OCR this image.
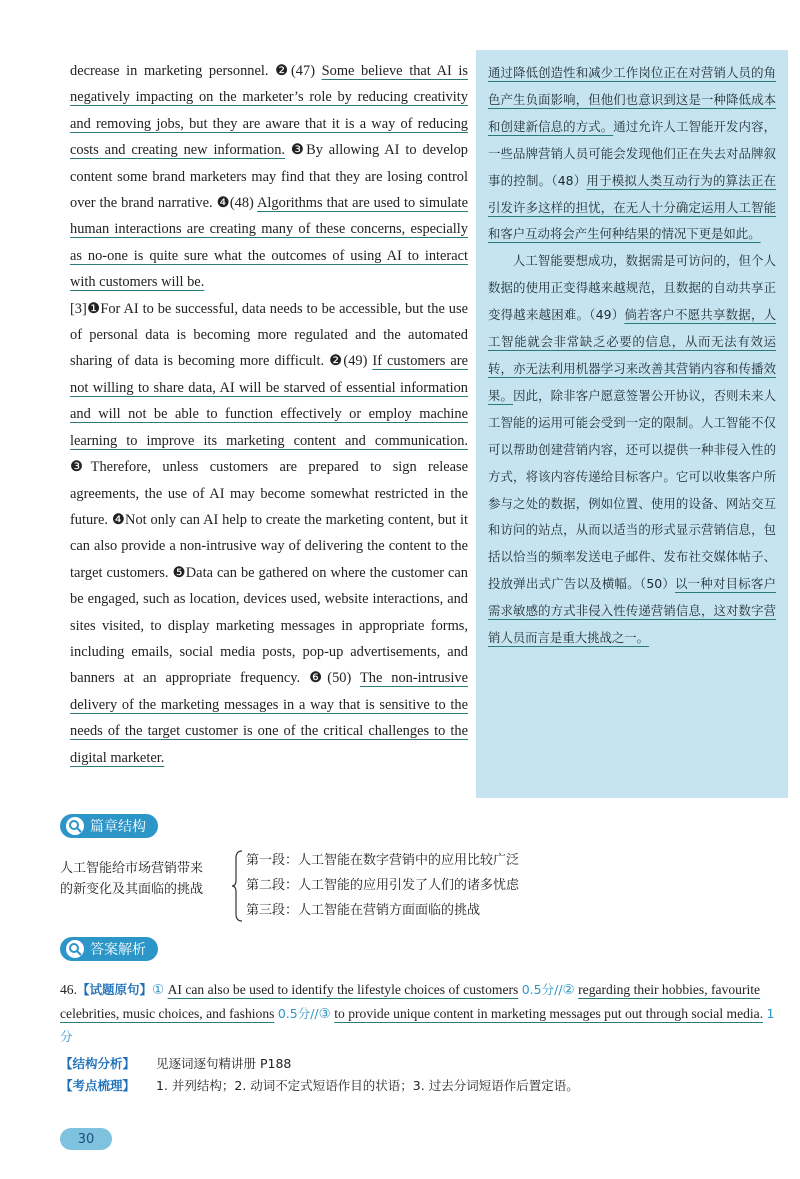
decrease in marketing personnel. ❷(47) Some believe that AI is negatively impacting on the marketer’s role by reducing creativity and removing jobs, but they are aware that it is a way of reducing costs and creating new information. ❸By allowing AI to develop content some brand marketers may find that they are losing control over the brand narrative. ❹(48) Algorithms that are used to simulate human interactions are creating many of these concerns, especially as no-one is quite sure what the outcomes of using AI to interact with customers will be.

[3]❶For AI to be successful, data needs to be accessible, but the use of personal data is becoming more regulated and the automated sharing of data is becoming more difficult. ❷(49) If customers are not willing to share data, AI will be starved of essential information and will not be able to function effectively or employ machine learning to improve its marketing content and communication. ❸Therefore, unless customers are prepared to sign release agreements, the use of AI may become somewhat restricted in the future. ❹Not only can AI help to create the marketing content, but it can also provide a non-intrusive way of delivering the content to the target customers. ❺Data can be gathered on where the customer can be engaged, such as location, devices used, website interactions, and sites visited, to display marketing messages in appropriate forms, including emails, social media posts, pop-up advertisements, and banners at an appropriate frequency. ❻(50) The non-intrusive delivery of the marketing messages in a way that is sensitive to the needs of the target customer is one of the critical challenges to the digital marketer.

通过降低创造性和减少工作岗位正在对营销人员的角色产生负面影响，但他们也意识到这是一种降低成本和创建新信息的方式。通过允许人工智能开发内容，一些品牌营销人员可能会发现他们正在失去对品牌叙事的控制。（48）用于模拟人类互动行为的算法正在引发许多这样的担忧，在无人十分确定运用人工智能和客户互动将会产生何种结果的情况下更是如此。

人工智能要想成功，数据需是可访问的，但个人数据的使用正变得越来越规范，且数据的自动共享正变得越来越困难。（49）倘若客户不愿共享数据，人工智能就会非常缺乏必要的信息，从而无法有效运转，亦无法利用机器学习来改善其营销内容和传播效果。因此，除非客户愿意签署公开协议，否则未来人工智能的运用可能会受到一定的限制。人工智能不仅可以帮助创建营销内容，还可以提供一种非侵入性的方式，将该内容传递给目标客户。它可以收集客户所参与之处的数据，例如位置、使用的设备、网站交互和访问的站点，从而以适当的形式显示营销信息，包括以恰当的频率发送电子邮件、发布社交媒体帖子、投放弹出式广告以及横幅。（50）以一种对目标客户需求敏感的方式非侵入性传递营销信息，这对数字营销人员而言是重大挑战之一。

篇章结构
人工智能给市场营销带来
的新变化及其面临的挑战
第一段：人工智能在数字营销中的应用比较广泛
第二段：人工智能的应用引发了人们的诸多忧虑
第三段：人工智能在营销方面面临的挑战
答案解析
46.【试题原句】① AI can also be used to identify the lifestyle choices of customers 0.5分//② regarding their hobbies, favourite celebrities, music choices, and fashions 0.5分//③ to provide unique content in marketing messages put out through social media. 1分
【结构分析】 见逐词逐句精讲册 P188
【考点梳理】 1. 并列结构；2. 动词不定式短语作目的状语；3. 过去分词短语作后置定语。
30
